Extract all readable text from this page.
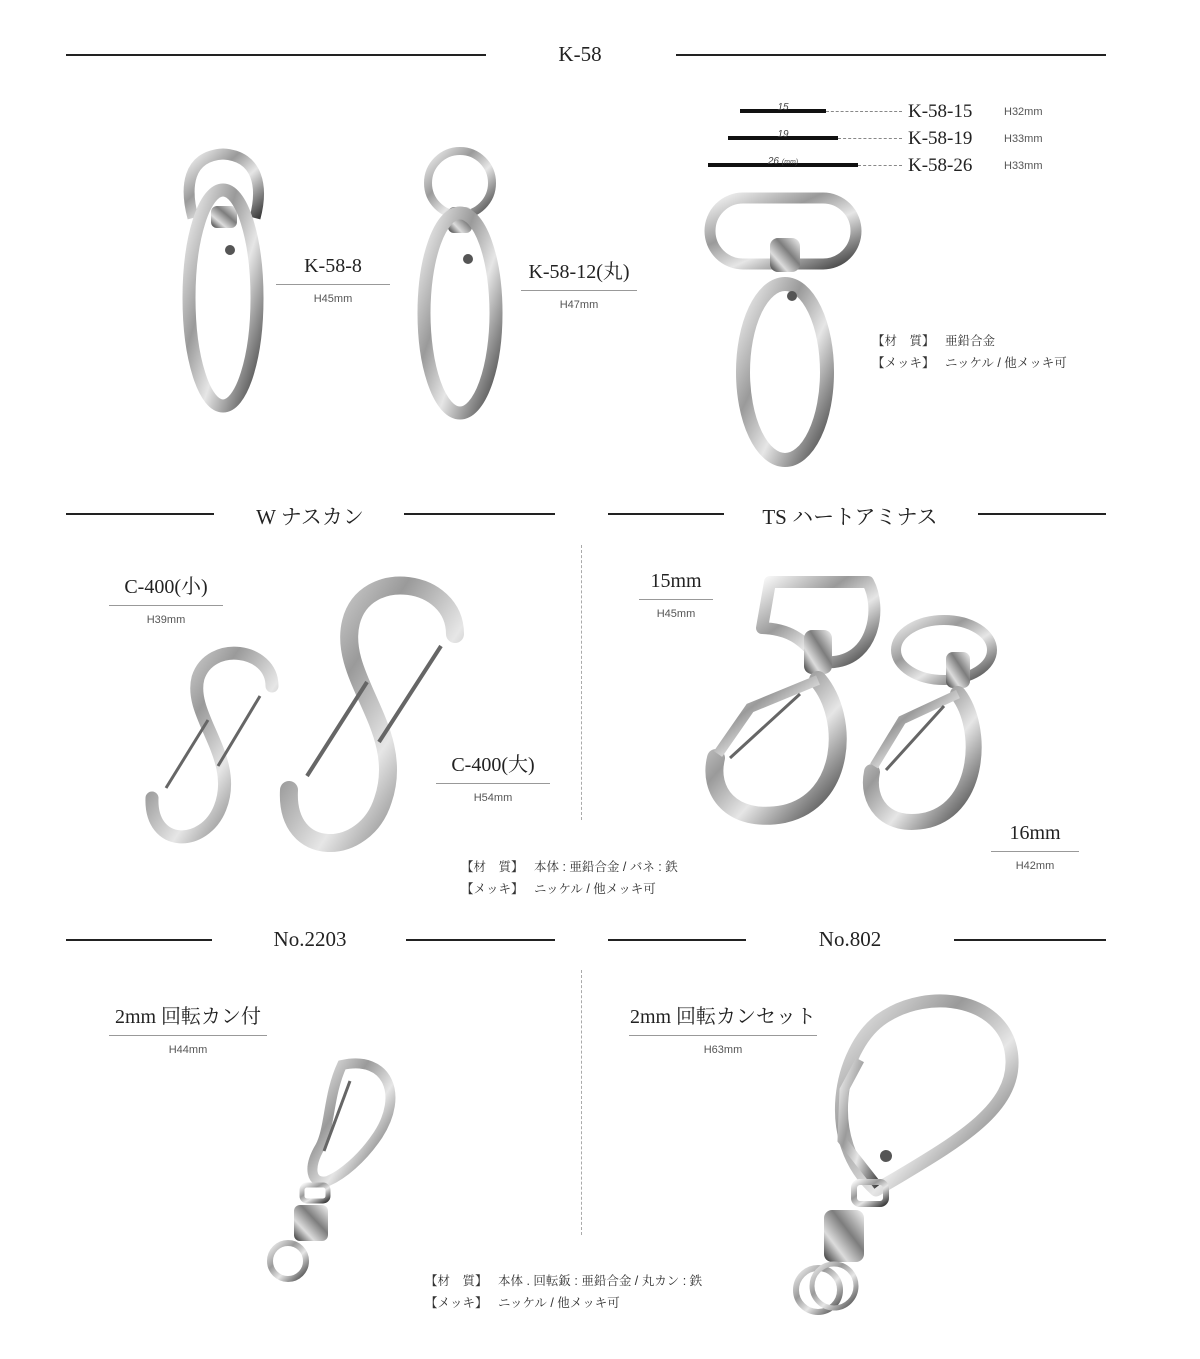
K-58
K-58-8
H45mm
K-58-12(丸)
H47mm
15	K-58-15	H32mm
19	K-58-19	H33mm
26 (mm)	K-58-26	H33mm
【材　質】 亜鉛合金
【メッキ】 ニッケル / 他メッキ可
W ナスカン
C-400(小)
H39mm
C-400(大)
H54mm
【材　質】 本体 : 亜鉛合金 / バネ : 鉄
【メッキ】 ニッケル / 他メッキ可
TS ハートアミナス
15mm
H45mm
16mm
H42mm
No.2203
2mm 回転カン付
H44mm
【材　質】 本体 . 回転鈑 : 亜鉛合金 / 丸カン : 鉄
【メッキ】 ニッケル / 他メッキ可
No.802
2mm 回転カンセット
H63mm
